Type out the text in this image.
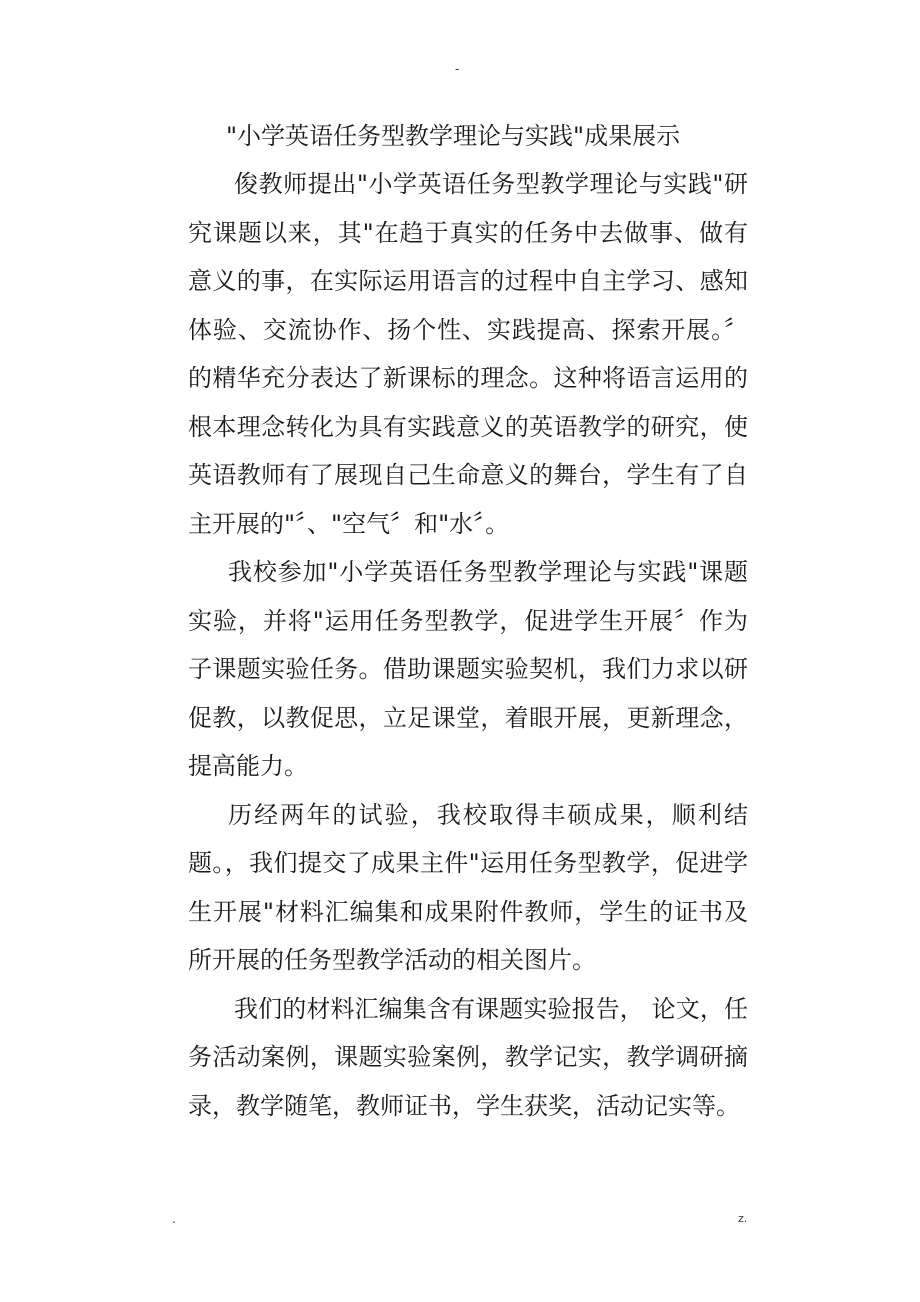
-
"小学英语任务型教学理论与实践"成果展示

俊教师提出"小学英语任务型教学理论与实践"研究课题以来，其"在趋于真实的任务中去做事、做有意义的事，在实际运用语言的过程中自主学习、感知体验、交流协作、扬个性、实践提高、探索开展。〞 的精华充分表达了新课标的理念。这种将语言运用的根本理念转化为具有实践意义的英语教学的研究，使英语教师有了展现自己生命意义的舞台，学生有了自主开展的"〞、"空气〞和"水〞。

我校参加"小学英语任务型教学理论与实践"课题实验，并将"运用任务型教学，促进学生开展〞作为子课题实验任务。借助课题实验契机，我们力求以研促教，以教促思，立足课堂，着眼开展，更新理念，提高能力。

历经两年的试验，我校取得丰硕成果，顺利结题。，我们提交了成果主件"运用任务型教学，促进学生开展"材料汇编集和成果附件教师，学生的证书及所开展的任务型教学活动的相关图片。

我们的材料汇编集含有课题实验报告， 论文，任务活动案例，课题实验案例，教学记实，教学调研摘录，教学随笔，教师证书，学生获奖，活动记实等。

.	z.
